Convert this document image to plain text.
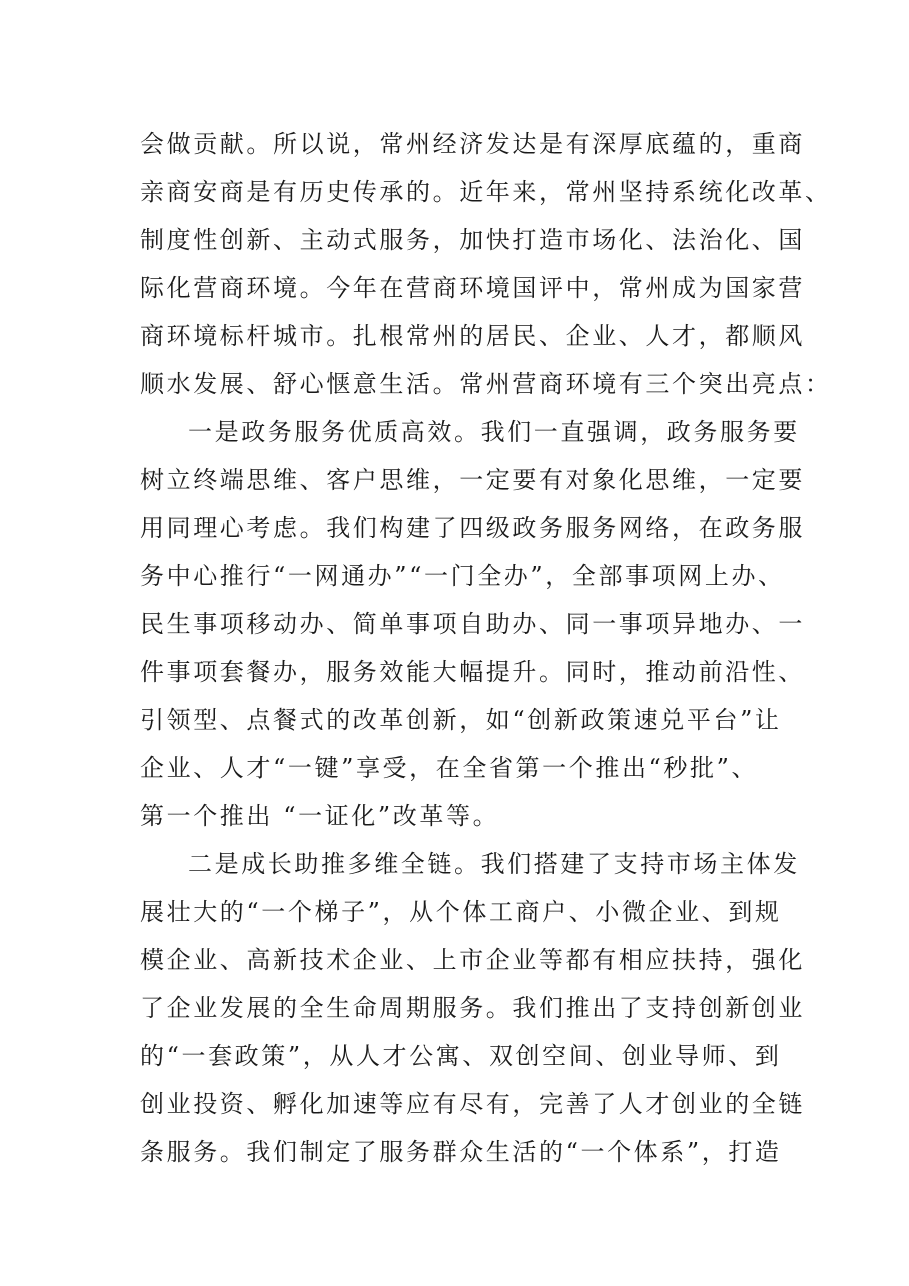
会做贡献。所以说，常州经济发达是有深厚底蕴的，重商
亲商安商是有历史传承的。近年来，常州坚持系统化改革、
制度性创新、主动式服务，加快打造市场化、法治化、国
际化营商环境。今年在营商环境国评中，常州成为国家营
商环境标杆城市。扎根常州的居民、企业、人才，都顺风
顺水发展、舒心惬意生活。常州营商环境有三个突出亮点：
一是政务服务优质高效。我们一直强调，政务服务要
树立终端思维、客户思维，一定要有对象化思维，一定要
用同理心考虑。我们构建了四级政务服务网络，在政务服
务中心推行“一网通办”“一门全办”，全部事项网上办、
民生事项移动办、简单事项自助办、同一事项异地办、一
件事项套餐办，服务效能大幅提升。同时，推动前沿性、
引领型、点餐式的改革创新，如“创新政策速兑平台”让
企业、人才“一键”享受，在全省第一个推出“秒批”、
第一个推出 “一证化”改革等。
二是成长助推多维全链。我们搭建了支持市场主体发
展壮大的“一个梯子”，从个体工商户、小微企业、到规
模企业、高新技术企业、上市企业等都有相应扶持，强化
了企业发展的全生命周期服务。我们推出了支持创新创业
的“一套政策”，从人才公寓、双创空间、创业导师、到
创业投资、孵化加速等应有尽有，完善了人才创业的全链
条服务。我们制定了服务群众生活的“一个体系”，打造
